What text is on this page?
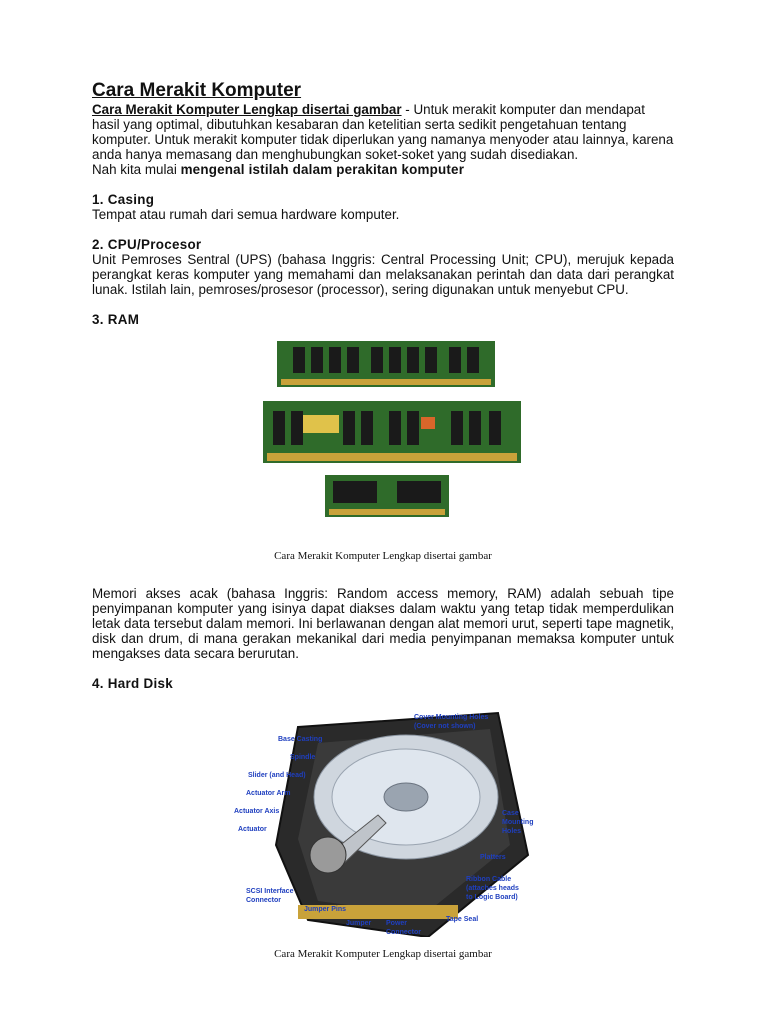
Cara Merakit Komputer

Cara Merakit Komputer Lengkap disertai gambar - Untuk merakit komputer dan mendapat hasil yang optimal, dibutuhkan kesabaran dan ketelitian serta sedikit pengetahuan tentang komputer. Untuk merakit komputer tidak diperlukan yang namanya menyoder atau lainnya, karena anda hanya memasang dan menghubungkan soket-soket yang sudah disediakan.

Nah kita mulai mengenal istilah dalam perakitan komputer

1. Casing

Tempat atau rumah dari semua hardware komputer.

2. CPU/Procesor

Unit Pemroses Sentral (UPS) (bahasa Inggris: Central Processing Unit; CPU), merujuk kepada perangkat keras komputer yang memahami dan melaksanakan perintah dan data dari perangkat lunak. Istilah lain, pemroses/prosesor (processor), sering digunakan untuk menyebut CPU.

3. RAM

Cara Merakit Komputer Lengkap disertai gambar

Memori akses acak (bahasa Inggris: Random access memory, RAM) adalah sebuah tipe penyimpanan komputer yang isinya dapat diakses dalam waktu yang tetap tidak memperdulikan letak data tersebut dalam memori. Ini berlawanan dengan alat memori urut, seperti tape magnetik, disk dan drum, di mana gerakan mekanikal dari media penyimpanan memaksa komputer untuk mengakses data secara berurutan.

4. Hard Disk

Base Casting
Spindle
Slider (and Head)
Actuator Arm
Actuator Axis
Actuator
SCSI Interface
Connector
Jumper Pins
Jumper Power
Connector
Tape Seal
Ribbon Cable
(attaches heads
to Logic Board)
Platters
Case
Mounting
Holes
Cover Mounting Holes
(Cover not shown)

Cara Merakit Komputer Lengkap disertai gambar
